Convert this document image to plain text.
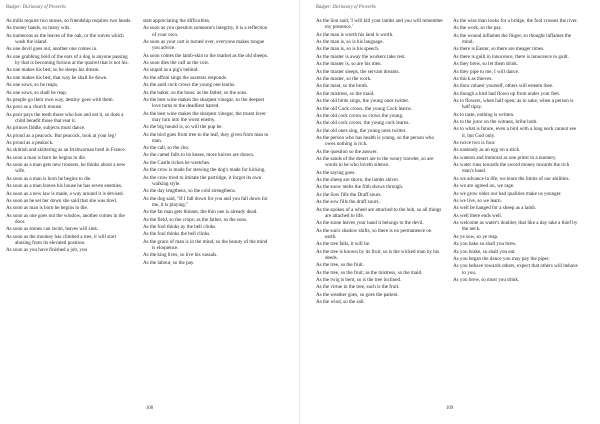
Badger: Dictionary of Proverbs

As mills require two stones, so friendship requires two heads.

As money bands, so many wits.

As numerous as the leaves of the oak, or the waves which wash the island.

As one devil goes out, another one comes in.

As one grabbing hold of the ears of a dog is anyone passing by that is becoming furious at the quarrel that is not his.

As one makes his bed, so he sleeps his dream.

As one makes his bed, that way he shall lie down.

As one sows, so he reaps.

As one sows, so shall he reap.

As people go their own way, destiny goes with them.

As poor as a church mouse.

As poor pays the teeth those who hoe and eat it, so does a child benefit those that rear it.

As princes fiddle, subjects must dance.

As proud as a peacock. But peacock, look at your leg!

As proud as a peakock.

As skittish and skittering as an Irishwoman bred in France.

As soon a man is born he begins to die.

As soon as a man gets new trousers, he thinks about a new wife.

As soon as a man is born he begins to die.

As soon as a man leaves his house he has seven enemies.

As soon as a new law is made, a way around it is devised.

As soon as he set her down she said that she was tired.

As soon as man is born he begins to die.

As soon as one goes out the window, another comes in the door.

As soon as stones can swim, leaves will sink.

As soon as the monkey has climbed a tree, it will start abusing from its elevated position.

As soon as you have finished a job, you

start appreciating the difficulties.

As soon as you question someone's integrity, it is a reflection of your own.

As soon as your cart is turned over, everyone makes tongue you advice.

As soon comes the lamb-skin to the market as the old sheeps.

As soon dies the calf as the cow.

As stupid as a pig's behind.

As the affoni sings the saxteras responds.

As the auld cock crows the young one learns.

As the baker, so the buns; as the father, so the sons.

As the best wine makes the sharpest vinegar, so the deepest love turns to the deadliest hatred.

As the best wine makes the sharpest vinegar, the truest lover may turn into the worst enemy.

As the big hound is, so will the pup be.

As the bird goes from tree to the leaf, they given from man to man.

As the call, so the cho.

As the camel falls to its knees, more knives are drawn.

As the Castle riches he wretches.

As the crow is made for stewing the dog's made for kicking.

As the crow tried to imitate the partridge, it forgot its own walking style.

As the day lengthens, so the cold strengthens.

As the dog said, "If I fall down for you and you fall down for me, it is playing."

As the fat man gets thinner, the thin one is already dead.

As the field, so the crops; as the father, so the sons.

As the fool thinks ay the bell clinks.

As the fool thinks the bell clinks.

As the grace of man is in the mind, so the beauty of the mind is eloquence.

As the king lives, so live his vassals.

As the labour, so the pay.

108
Badger: Dictionary of Proverbs

As the lion said, 'I will kill your lambs and you will remember my presence.'

As the man is worth his land is worth.

As the man is, so is his language.

As the man is, so is his speech.

As the master is away the workers take rest.

As the master is, so are his men.

As the master sleeps, the servant dreams.

As the master, so the work.

As the meat, so the broth.

As the mistress, so the maid.

As the old birds sings, the young ones twitter.

As the old Cock crows, the young Cock learns.

As the old cock crows so crows the young.

As the old cock crows, the young cock learns.

As the old ones sing, the young ones twitter.

As the person who has health is young, so the person who owes nothing is rich.

As the question so the answer.

As the sands of the desert are to the weary traveler, so are words to he who loveth silence.

As the saying goes.

As the sheep are shorn, the lambs shiver.

As the snow melts the filth shows through.

As the Sow fills the Draff sours.

As the sow fills the draff sours.

As the spokes of a wheel are attached to the hub, so all things are attached to life.

As the stone leaves your hand it belongs to the devil.

As the sun's shadow shifts, so there is no permanence on earth.

As the tree falls, it will lie.

As the tree is known by its fruit, so is the wicked man by his deeds.

As the tree, so the fruit.

As the tree, so the fruit; as the mistress, so the maid.

As the twig is bent, so is the tree inclined.

As the virtue in the tree, such is the fruit.

As the weather goes, so goes the patient.

As the wind, so the sail.

As the wise man looks for a bridge, the fool crosses the river.

As the work, so the pay.

As the wound inflames the finger, so thought inflames the mind.

As there is Easter, so there are meager times.

As there is guilt in innocence, there is innocence in guilt.

As they brew, so let them drink.

As they pipe to me, I will dance.

As thick as thieves.

As thou valuest yourself, others will esteem thee.

As though a bird had flown up from under your feet.

As to flowers, when half open; as to sake, when a person is half tipsy.

As to taste, nothing is written.

As to the juror on the witness, bribe both.

As to what is future, even a bird with a long neck cannot see it, but God only.

As twice two is four.

As unsteady as an egg on a stick.

As wanton and immoral as one priest in a nunnery.

As water runs towards the sword money towards the rich man's hand.

As we advance in life, we learn the limits of our abilities.

As we are agreed on, we rage.

As we grow older our bad qualities make us younger.

As we live, so we learn.

As well be hanged for a sheep as a lamb.

As well there ends well.

As welcome as water's doublet, that like a day take a thief by the neck.

As ye sow, so ye reap.

As you bake so shall you brew.

As you brake, so shall you eat.

As you began the dance you may pay the piper.

As you behave towards others, expect that others will behave to you.

As you brew, so must you drink.

109
